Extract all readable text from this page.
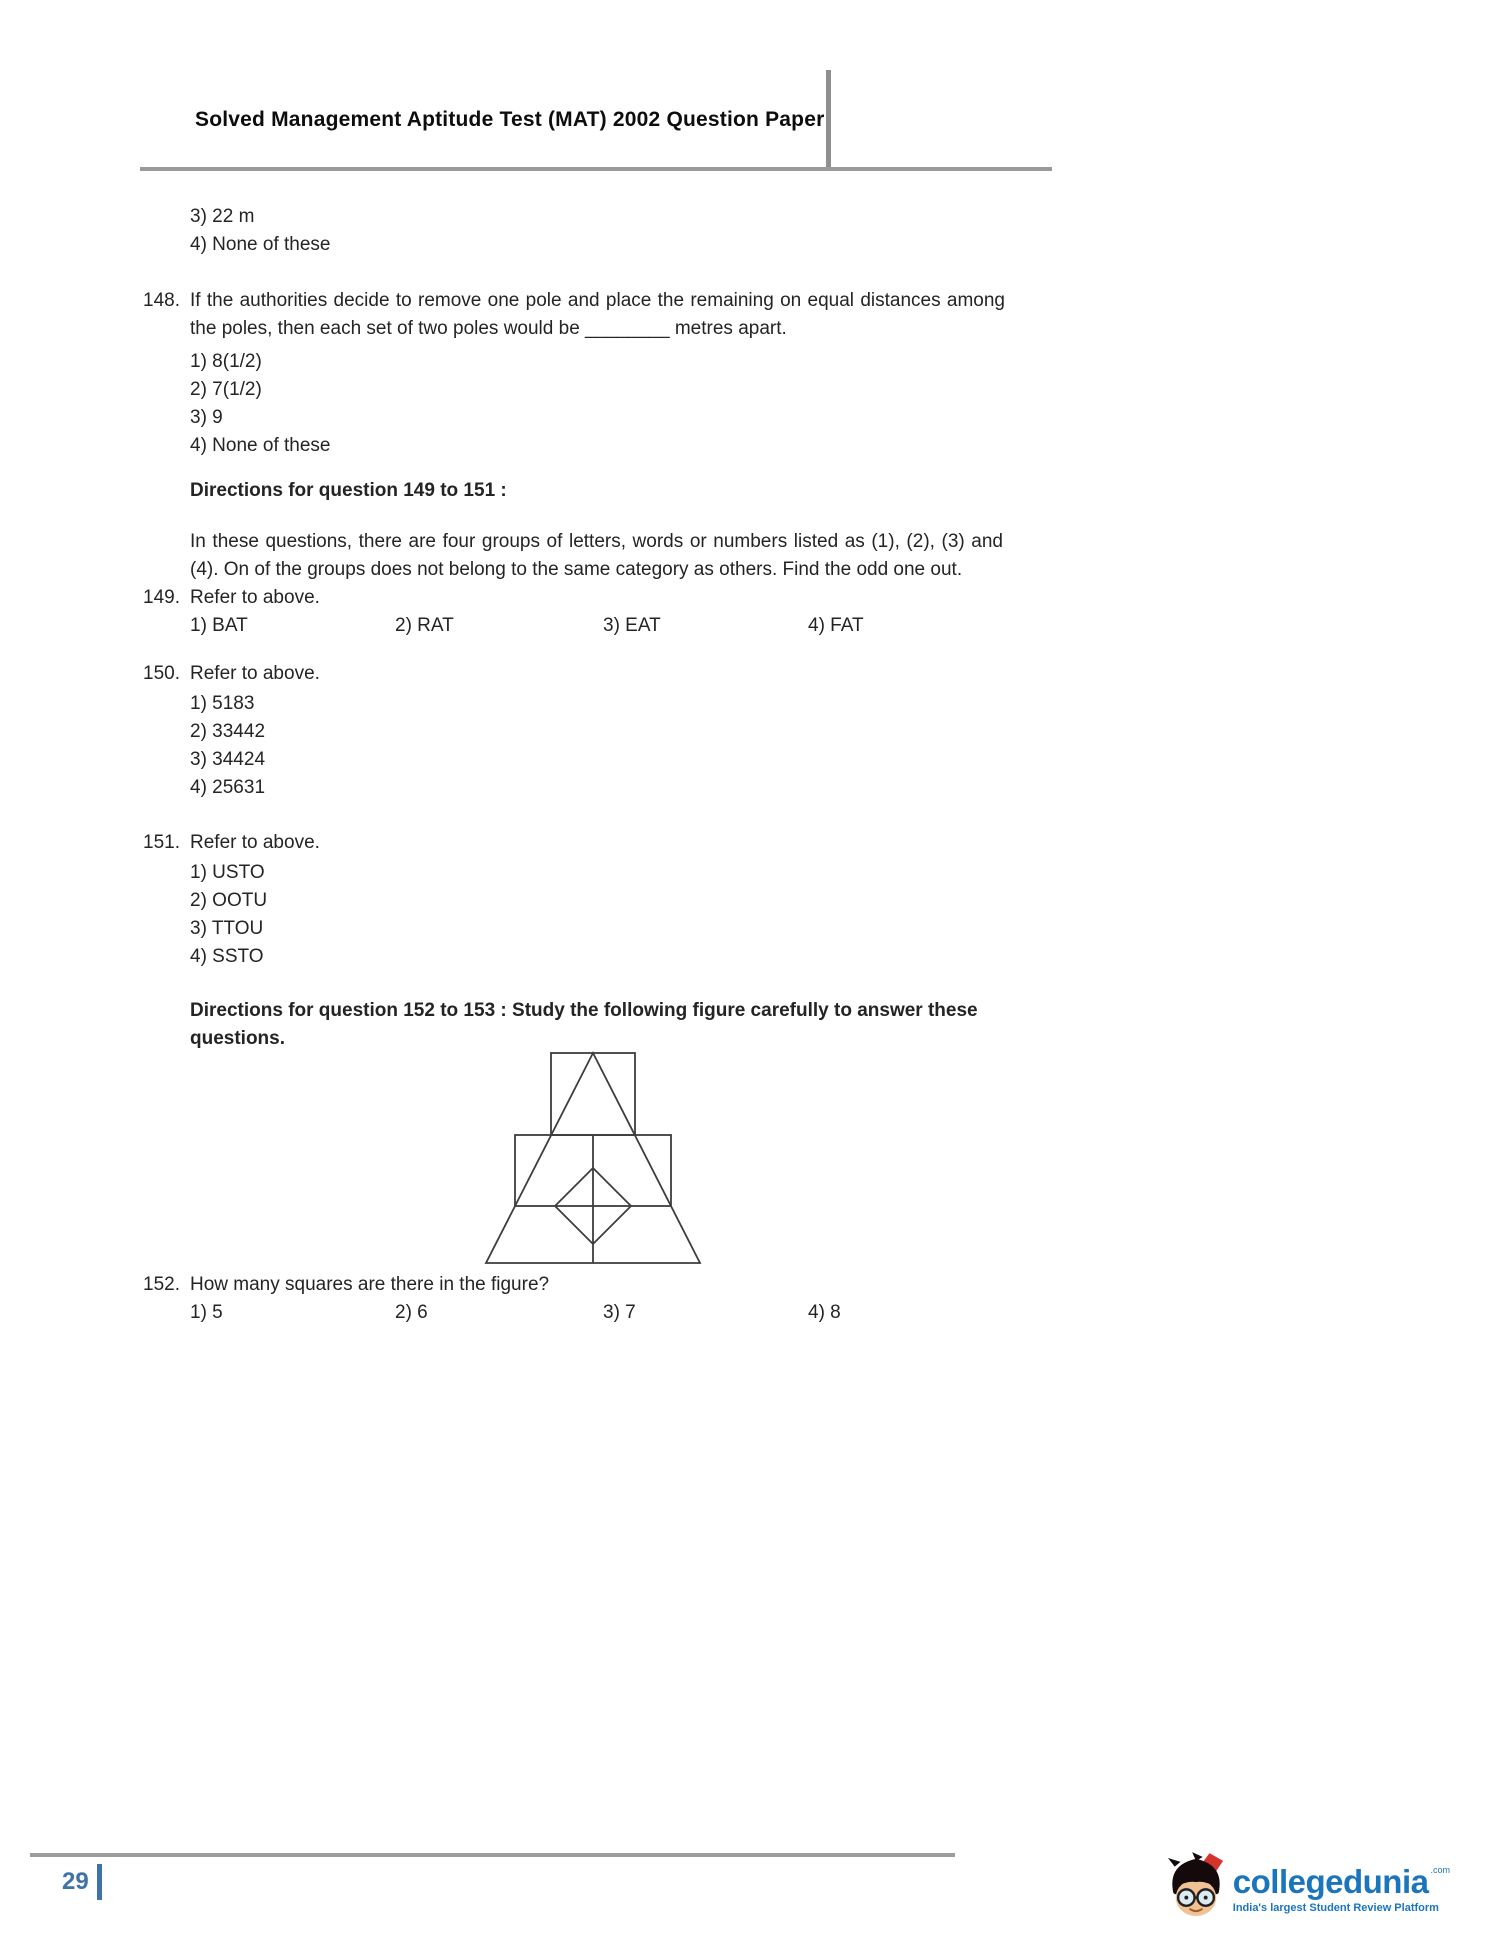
Solved Management Aptitude Test (MAT) 2002 Question Paper
3) 22 m
4) None of these
148. If the authorities decide to remove one pole and place the remaining on equal distances among the poles, then each set of two poles would be ________ metres apart.
1) 8(1/2)
2) 7(1/2)
3) 9
4) None of these
Directions for question 149 to 151 :
In these questions, there are four groups of letters, words or numbers listed as (1), (2), (3) and (4). On of the groups does not belong to the same category as others. Find the odd one out.
149. Refer to above.
1) BAT	2) RAT	3) EAT	4) FAT
150. Refer to above.
1) 5183
2) 33442
3) 34424
4) 25631
151. Refer to above.
1) USTO
2) OOTU
3) TTOU
4) SSTO
Directions for question 152 to 153 : Study the following figure carefully to answer these questions.
152. How many squares are there in the figure?
1) 5	2) 6	3) 7	4) 8
29	collegedunia .com
India's largest Student Review Platform
